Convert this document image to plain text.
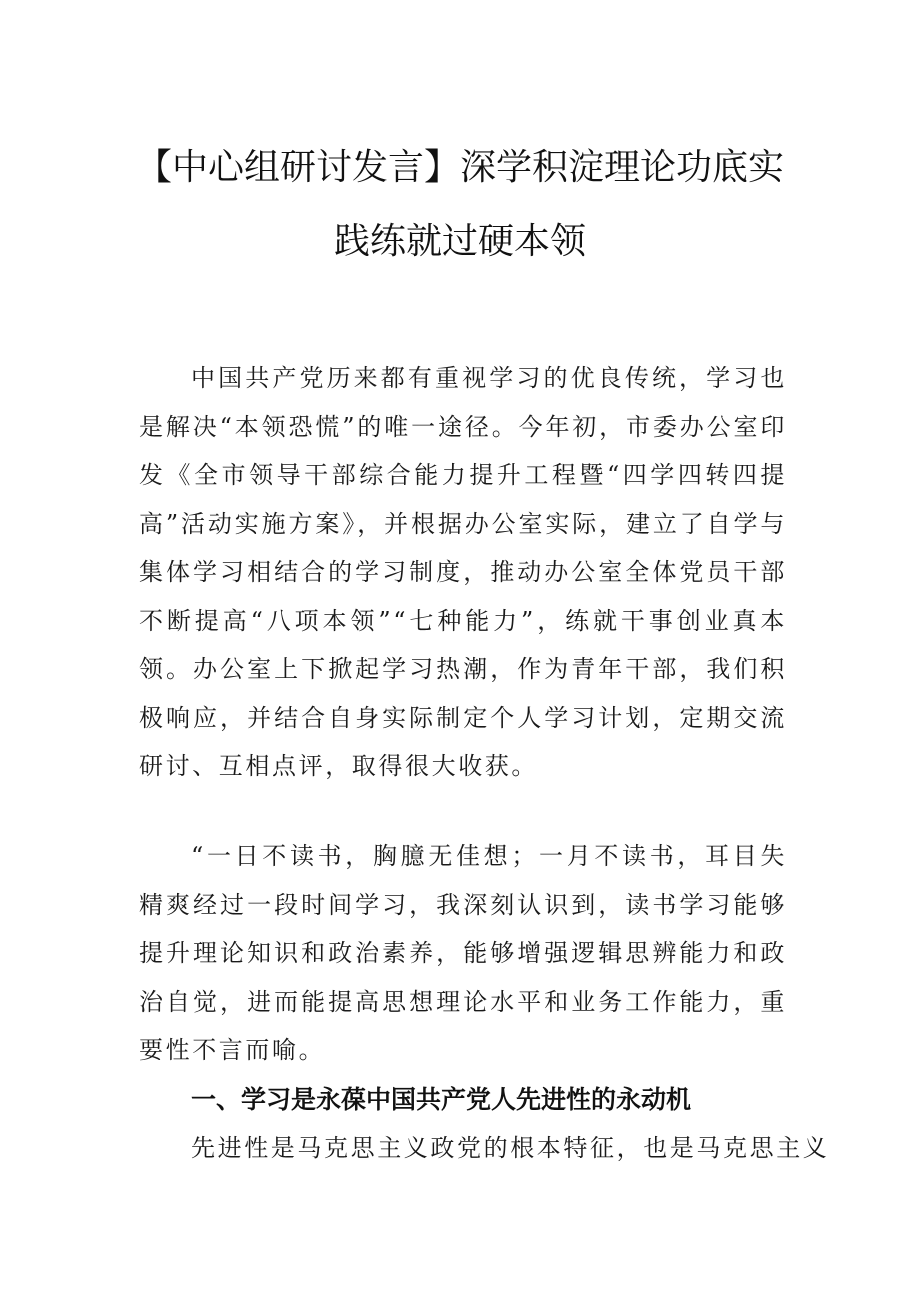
【中心组研讨发言】深学积淀理论功底实
践练就过硬本领

中国共产党历来都有重视学习的优良传统，学习也是解决“本领恐慌”的唯一途径。今年初，市委办公室印发《全市领导干部综合能力提升工程暨“四学四转四提高”活动实施方案》，并根据办公室实际，建立了自学与集体学习相结合的学习制度，推动办公室全体党员干部不断提高“八项本领”“七种能力”，练就干事创业真本领。办公室上下掀起学习热潮，作为青年干部，我们积极响应，并结合自身实际制定个人学习计划，定期交流研讨、互相点评，取得很大收获。

“一日不读书，胸臆无佳想；一月不读书，耳目失精爽经过一段时间学习，我深刻认识到，读书学习能够提升理论知识和政治素养，能够增强逻辑思辨能力和政治自觉，进而能提高思想理论水平和业务工作能力，重要性不言而喻。

一、学习是永葆中国共产党人先进性的永动机

先进性是马克思主义政党的根本特征，也是马克思主义
